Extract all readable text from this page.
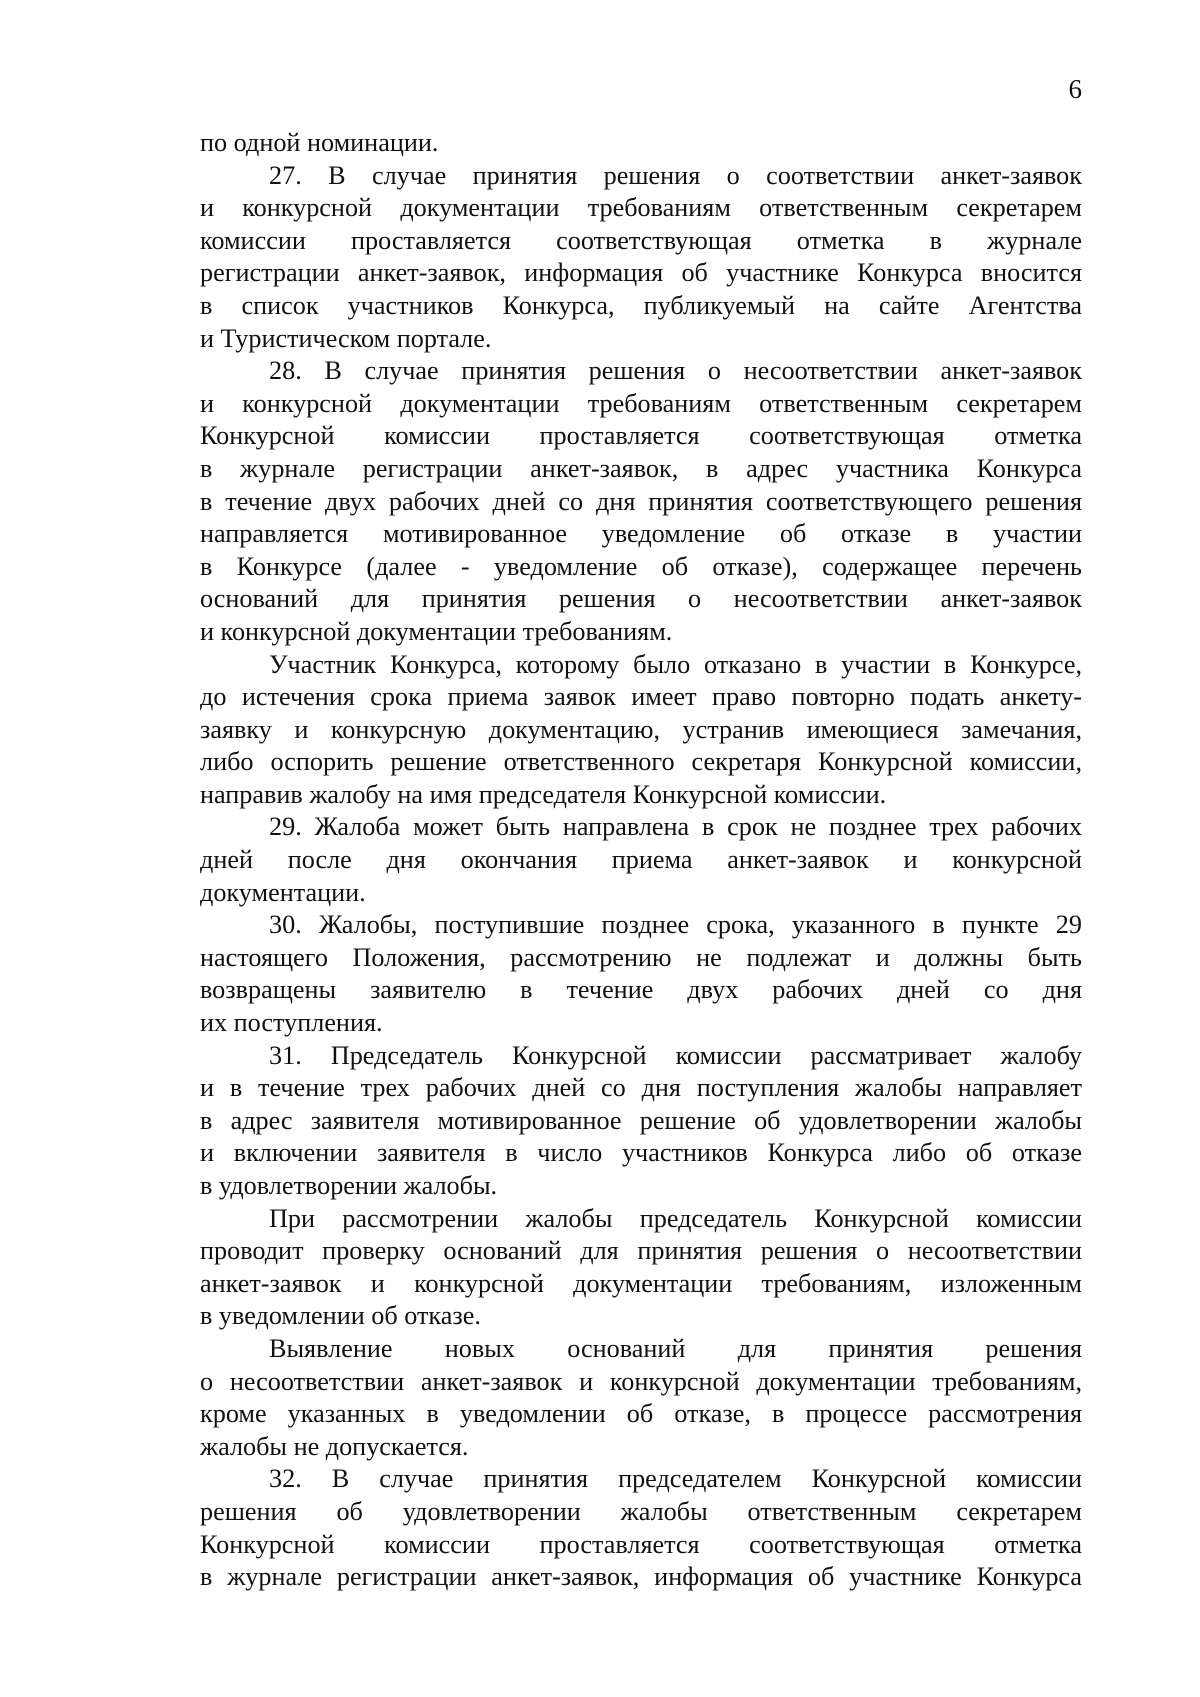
6
по одной номинации.
27. В случае принятия решения о соответствии анкет-заявок
и конкурсной документации требованиям ответственным секретарем
комиссии проставляется соответствующая отметка в журнале
регистрации анкет-заявок, информация об участнике Конкурса вносится
в список участников Конкурса, публикуемый на сайте Агентства
и Туристическом портале.
28. В случае принятия решения о несоответствии анкет-заявок
и конкурсной документации требованиям ответственным секретарем
Конкурсной комиссии проставляется соответствующая отметка
в журнале регистрации анкет-заявок, в адрес участника Конкурса
в течение двух рабочих дней со дня принятия соответствующего решения
направляется мотивированное уведомление об отказе в участии
в Конкурсе (далее - уведомление об отказе), содержащее перечень
оснований для принятия решения о несоответствии анкет-заявок
и конкурсной документации требованиям.
Участник Конкурса, которому было отказано в участии в Конкурсе,
до истечения срока приема заявок имеет право повторно подать анкету-
заявку и конкурсную документацию, устранив имеющиеся замечания,
либо оспорить решение ответственного секретаря Конкурсной комиссии,
направив жалобу на имя председателя Конкурсной комиссии.
29. Жалоба может быть направлена в срок не позднее трех рабочих
дней после дня окончания приема анкет-заявок и конкурсной
документации.
30. Жалобы, поступившие позднее срока, указанного в пункте 29
настоящего Положения, рассмотрению не подлежат и должны быть
возвращены заявителю в течение двух рабочих дней со дня
их поступления.
31. Председатель Конкурсной комиссии рассматривает жалобу
и в течение трех рабочих дней со дня поступления жалобы направляет
в адрес заявителя мотивированное решение об удовлетворении жалобы
и включении заявителя в число участников Конкурса либо об отказе
в удовлетворении жалобы.
При рассмотрении жалобы председатель Конкурсной комиссии
проводит проверку оснований для принятия решения о несоответствии
анкет-заявок и конкурсной документации требованиям, изложенным
в уведомлении об отказе.
Выявление новых оснований для принятия решения
о несоответствии анкет-заявок и конкурсной документации требованиям,
кроме указанных в уведомлении об отказе, в процессе рассмотрения
жалобы не допускается.
32. В случае принятия председателем Конкурсной комиссии
решения об удовлетворении жалобы ответственным секретарем
Конкурсной комиссии проставляется соответствующая отметка
в журнале регистрации анкет-заявок, информация об участнике Конкурса
